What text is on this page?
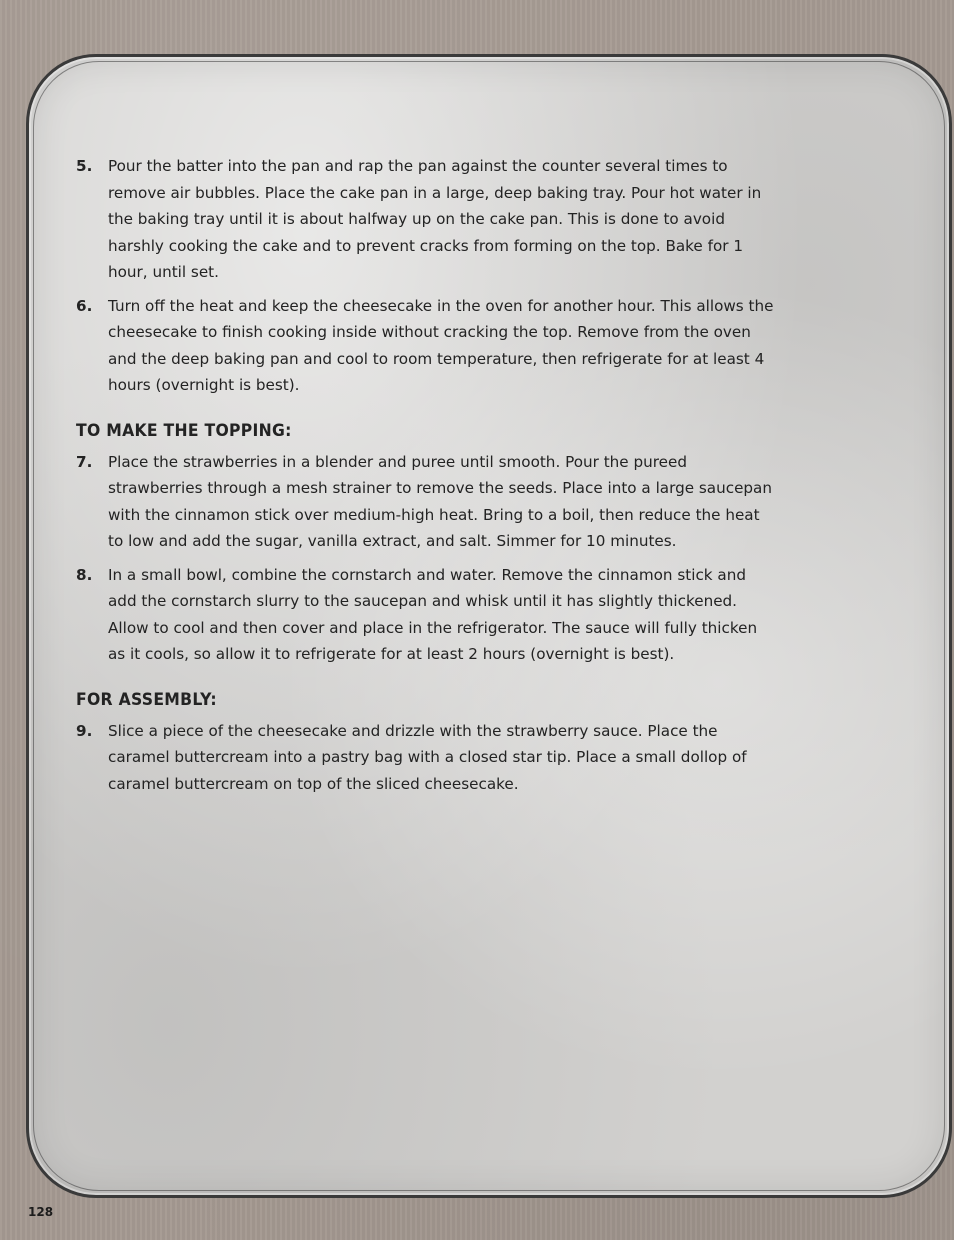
5.	Pour the batter into the pan and rap the pan against the counter several times to remove air bubbles. Place the cake pan in a large, deep baking tray. Pour hot water in the baking tray until it is about halfway up on the cake pan. This is done to avoid harshly cooking the cake and to prevent cracks from forming on the top. Bake for 1 hour, until set.
6.	Turn off the heat and keep the cheesecake in the oven for another hour. This allows the cheesecake to finish cooking inside without cracking the top. Remove from the oven and the deep baking pan and cool to room temperature, then refrigerate for at least 4 hours (overnight is best).
TO MAKE THE TOPPING:
7.	Place the strawberries in a blender and puree until smooth. Pour the pureed strawberries through a mesh strainer to remove the seeds. Place into a large saucepan with the cinnamon stick over medium-high heat. Bring to a boil, then reduce the heat to low and add the sugar, vanilla extract, and salt. Simmer for 10 minutes.
8.	In a small bowl, combine the cornstarch and water. Remove the cinnamon stick and add the cornstarch slurry to the saucepan and whisk until it has slightly thickened. Allow to cool and then cover and place in the refrigerator. The sauce will fully thicken as it cools, so allow it to refrigerate for at least 2 hours (overnight is best).
FOR ASSEMBLY:
9.	Slice a piece of the cheesecake and drizzle with the strawberry sauce. Place the caramel buttercream into a pastry bag with a closed star tip. Place a small dollop of caramel buttercream on top of the sliced cheesecake.
128
